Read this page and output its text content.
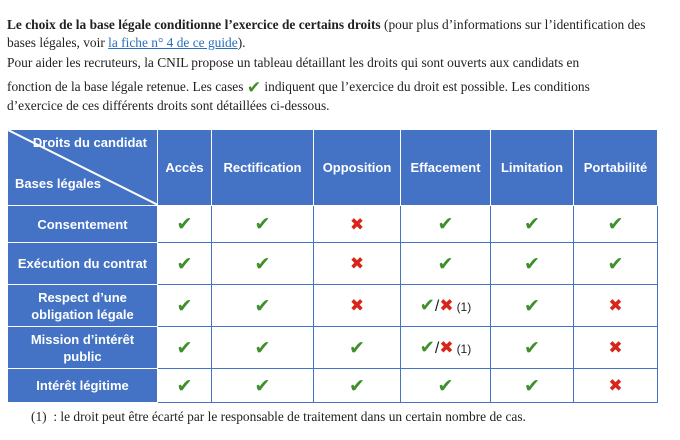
Le choix de la base légale conditionne l’exercice de certains droits (pour plus d’informations sur l’identification des bases légales, voir la fiche n° 4 de ce guide).

Pour aider les recruteurs, la CNIL propose un tableau détaillant les droits qui sont ouverts aux candidats en
fonction de la base légale retenue. Les cases ✔ indiquent que l’exercice du droit est possible. Les conditions
d’exercice de ces différents droits sont détaillées ci-dessous.

Droits du candidat
Bases légales	Accès	Rectification	Opposition	Effacement	Limitation	Portabilité
Consentement	✔	✔	✖	✔	✔	✔
Exécution du contrat	✔	✔	✖	✔	✔	✔
Respect d’une obligation légale	✔	✔	✖	✔/✖ (1)	✔	✖
Mission d’intérêt public	✔	✔	✔	✔/✖ (1)	✔	✖
Intérêt légitime	✔	✔	✔	✔	✔	✖
(1) : le droit peut être écarté par le responsable de traitement dans un certain nombre de cas.
